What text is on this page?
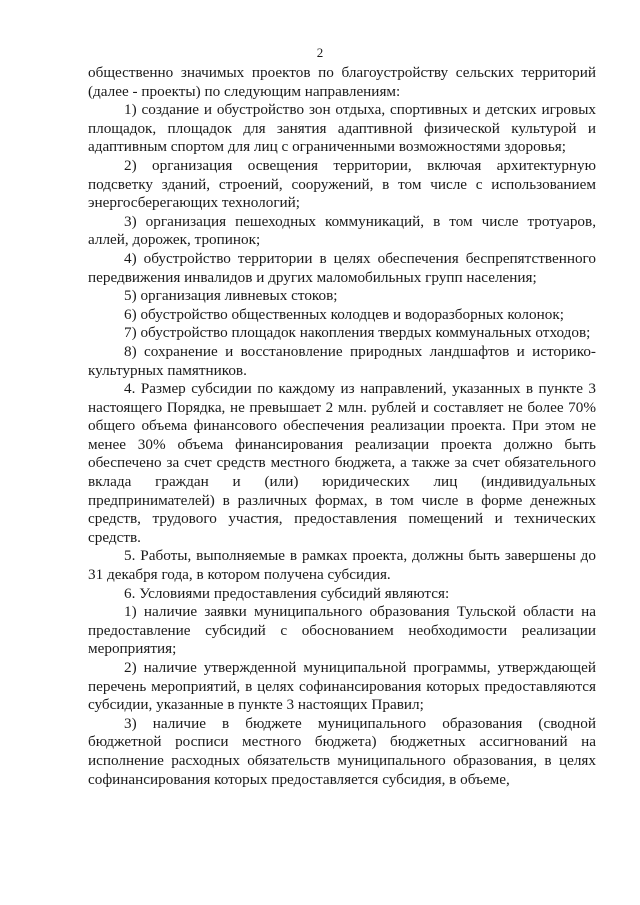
2

общественно значимых проектов по благоустройству сельских территорий (далее - проекты) по следующим направлениям:

1) создание и обустройство зон отдыха, спортивных и детских игровых площадок, площадок для занятия адаптивной физической культурой и адаптивным спортом для лиц с ограниченными возможностями здоровья;

2) организация освещения территории, включая архитектурную подсветку зданий, строений, сооружений, в том числе с использованием энергосберегающих технологий;

3) организация пешеходных коммуникаций, в том числе тротуаров, аллей, дорожек, тропинок;

4) обустройство территории в целях обеспечения беспрепятственного передвижения инвалидов и других маломобильных групп населения;

5) организация ливневых стоков;

6) обустройство общественных колодцев и водоразборных колонок;

7) обустройство площадок накопления твердых коммунальных отходов;

8) сохранение и восстановление природных ландшафтов и историко-культурных памятников.

4. Размер субсидии по каждому из направлений, указанных в пункте 3 настоящего Порядка, не превышает 2 млн. рублей и составляет не более 70% общего объема финансового обеспечения реализации проекта. При этом не менее 30% объема финансирования реализации проекта должно быть обеспечено за счет средств местного бюджета, а также за счет обязательного вклада граждан и (или) юридических лиц (индивидуальных предпринимателей) в различных формах, в том числе в форме денежных средств, трудового участия, предоставления помещений и технических средств.

5. Работы, выполняемые в рамках проекта, должны быть завершены до 31 декабря года, в котором получена субсидия.

6. Условиями предоставления субсидий являются:

1) наличие заявки муниципального образования Тульской области на предоставление субсидий с обоснованием необходимости реализации мероприятия;

2) наличие утвержденной муниципальной программы, утверждающей перечень мероприятий, в целях софинансирования которых предоставляются субсидии, указанные в пункте 3 настоящих Правил;

3) наличие в бюджете муниципального образования (сводной бюджетной росписи местного бюджета) бюджетных ассигнований на исполнение расходных обязательств муниципального образования, в целях софинансирования которых предоставляется субсидия, в объеме,
